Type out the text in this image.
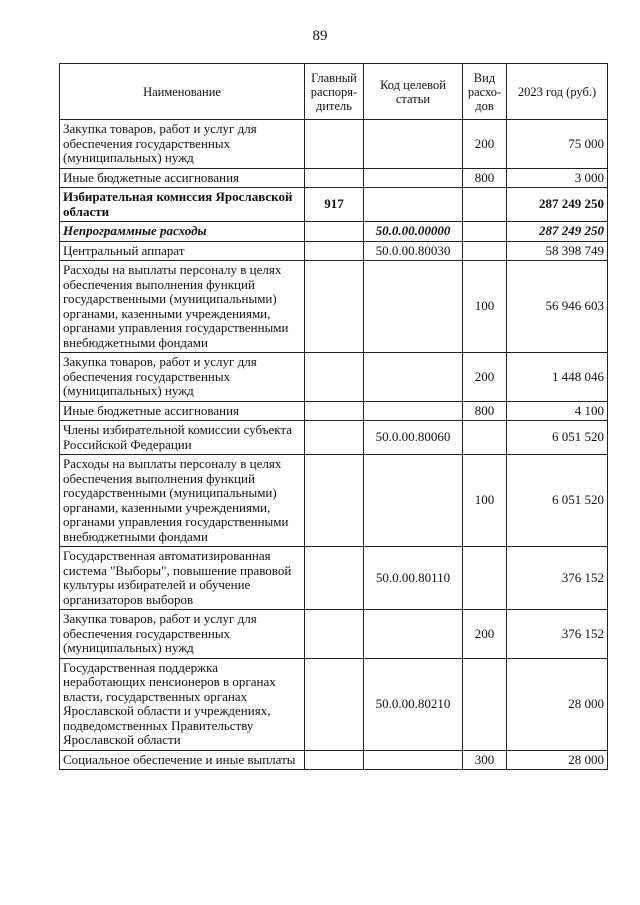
89
Наименование	Главный распоря-дитель	Код целевой статьи	Вид расхо-дов	2023 год (руб.)
Закупка товаров, работ и услуг для обеспечения государственных (муниципальных) нужд			200	75 000
Иные бюджетные ассигнования			800	3 000
Избирательная комиссия Ярославской области	917			287 249 250
Непрограммные расходы		50.0.00.00000		287 249 250
Центральный аппарат		50.0.00.80030		58 398 749
Расходы на выплаты персоналу в целях обеспечения выполнения функций государственными (муниципальными) органами, казенными учреждениями, органами управления государственными внебюджетными фондами			100	56 946 603
Закупка товаров, работ и услуг для обеспечения государственных (муниципальных) нужд			200	1 448 046
Иные бюджетные ассигнования			800	4 100
Члены избирательной комиссии субъекта Российской Федерации		50.0.00.80060		6 051 520
Расходы на выплаты персоналу в целях обеспечения выполнения функций государственными (муниципальными) органами, казенными учреждениями, органами управления государственными внебюджетными фондами			100	6 051 520
Государственная автоматизированная система "Выборы", повышение правовой культуры избирателей и обучение организаторов выборов		50.0.00.80110		376 152
Закупка товаров, работ и услуг для обеспечения государственных (муниципальных) нужд			200	376 152
Государственная поддержка неработающих пенсионеров в органах власти, государственных органах Ярославской области и учреждениях, подведомственных Правительству Ярославской области		50.0.00.80210		28 000
Социальное обеспечение и иные выплаты			300	28 000
